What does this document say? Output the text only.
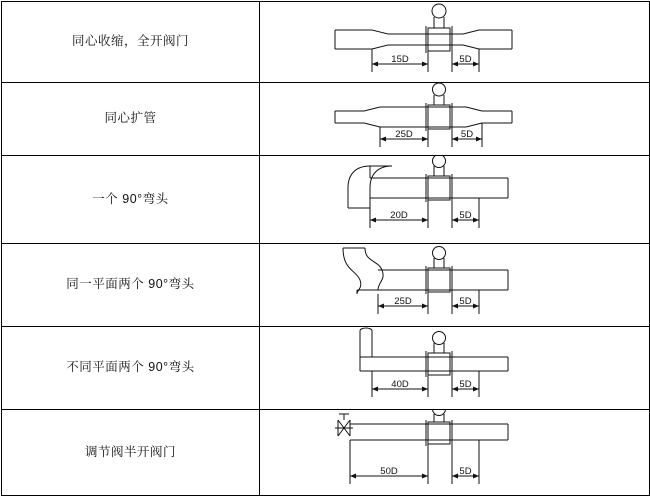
同心收缩，全开阀门	15D 5D

同心扩管	25D 5D

一个 90°弯头	20D 5D

同一平面两个 90°弯头	25D 5D

不同平面两个 90°弯头	40D 5D

调节阀半开阀门	50D 5D
